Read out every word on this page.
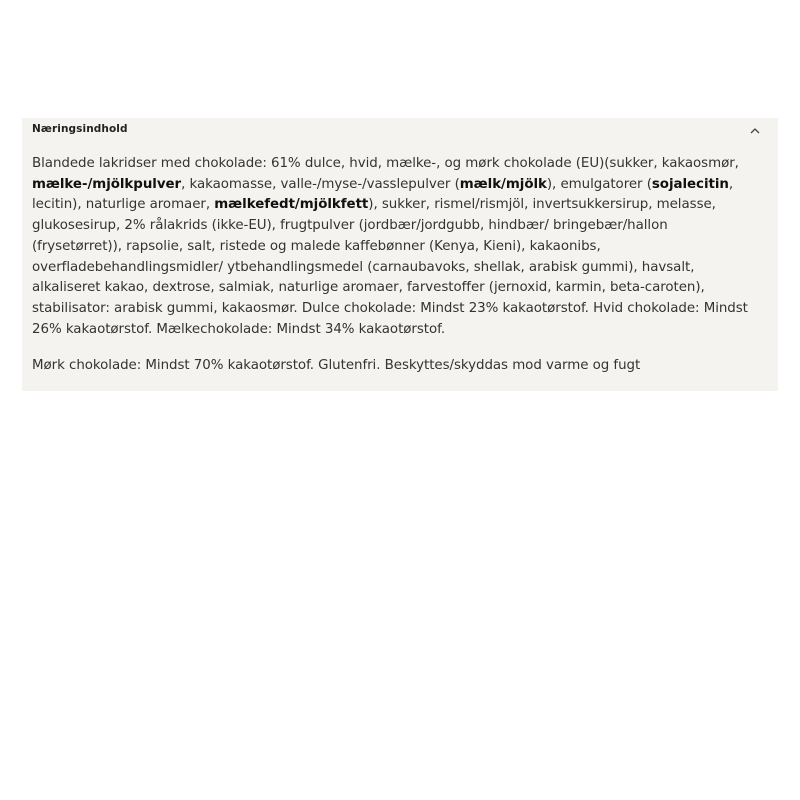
Næringsindhold
Blandede lakridser med chokolade: 61% dulce, hvid, mælke-, og mørk chokolade (EU)(sukker, kakaosmør,
mælke-/mjölkpulver, kakaomasse, valle-/myse-/vasslepulver (mælk/mjölk), emulgatorer (sojalecitin,
lecitin), naturlige aromaer, mælkefedt/mjölkfett), sukker, rismel/rismjöl, invertsukkersirup, melasse,
glukosesirup, 2% rålakrids (ikke-EU), frugtpulver (jordbær/jordgubb, hindbær/ bringebær/hallon
(frysetørret)), rapsolie, salt, ristede og malede kaffebønner (Kenya, Kieni), kakaonibs,
overfladebehandlingsmidler/ ytbehandlingsmedel (carnaubavoks, shellak, arabisk gummi), havsalt,
alkaliseret kakao, dextrose, salmiak, naturlige aromaer, farvestoffer (jernoxid, karmin, beta-caroten),
stabilisator: arabisk gummi, kakaosmør. Dulce chokolade: Mindst 23% kakaotørstof. Hvid chokolade: Mindst
26% kakaotørstof. Mælkechokolade: Mindst 34% kakaotørstof.
Mørk chokolade: Mindst 70% kakaotørstof. Glutenfri. Beskyttes/skyddas mod varme og fugt
